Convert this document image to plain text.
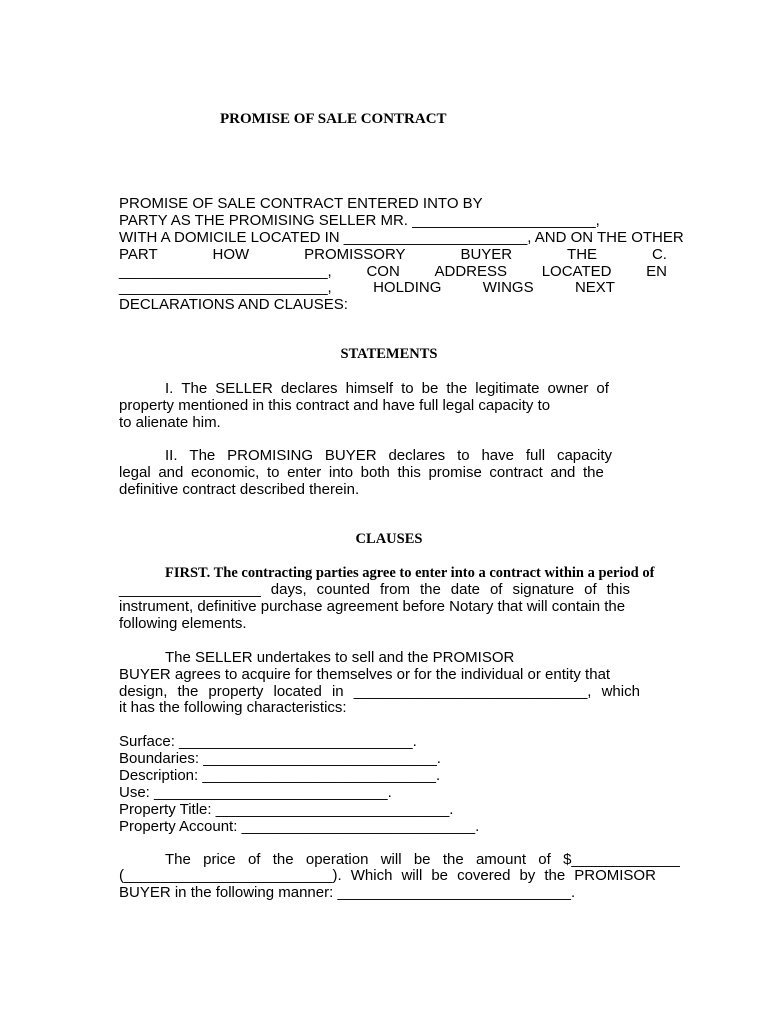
PROMISE OF SALE CONTRACT
PROMISE OF SALE CONTRACT ENTERED INTO BY
PARTY AS THE PROMISING SELLER MR. ______________________,
WITH A DOMICILE LOCATED IN ______________________, AND ON THE OTHER
PART	HOW	PROMISSORY	BUYER	THE	C.
_________________________, CON ADDRESS LOCATED EN
_________________________,	HOLDING	WINGS	NEXT
DECLARATIONS AND CLAUSES:
STATEMENTS
I. The SELLER declares himself to be the legitimate owner of
property mentioned in this contract and have full legal capacity to
to alienate him.
II. The PROMISING BUYER declares to have full capacity
legal and economic, to enter into both this promise contract and the
definitive contract described therein.
CLAUSES
FIRST. The contracting parties agree to enter into a contract within a period of
_________________ days, counted from the date of signature of this
instrument, definitive purchase agreement before Notary that will contain the
following elements.
The SELLER undertakes to sell and the PROMISOR
BUYER agrees to acquire for themselves or for the individual or entity that
design, the property located in ____________________________, which
it has the following characteristics:
Surface: ____________________________.
Boundaries: ____________________________.
Description: ____________________________.
Use: ____________________________.
Property Title: ____________________________.
Property Account: ____________________________.
The price of the operation will be the amount of $_____________
(_________________________). Which will be covered by the PROMISOR
BUYER in the following manner: ____________________________.
